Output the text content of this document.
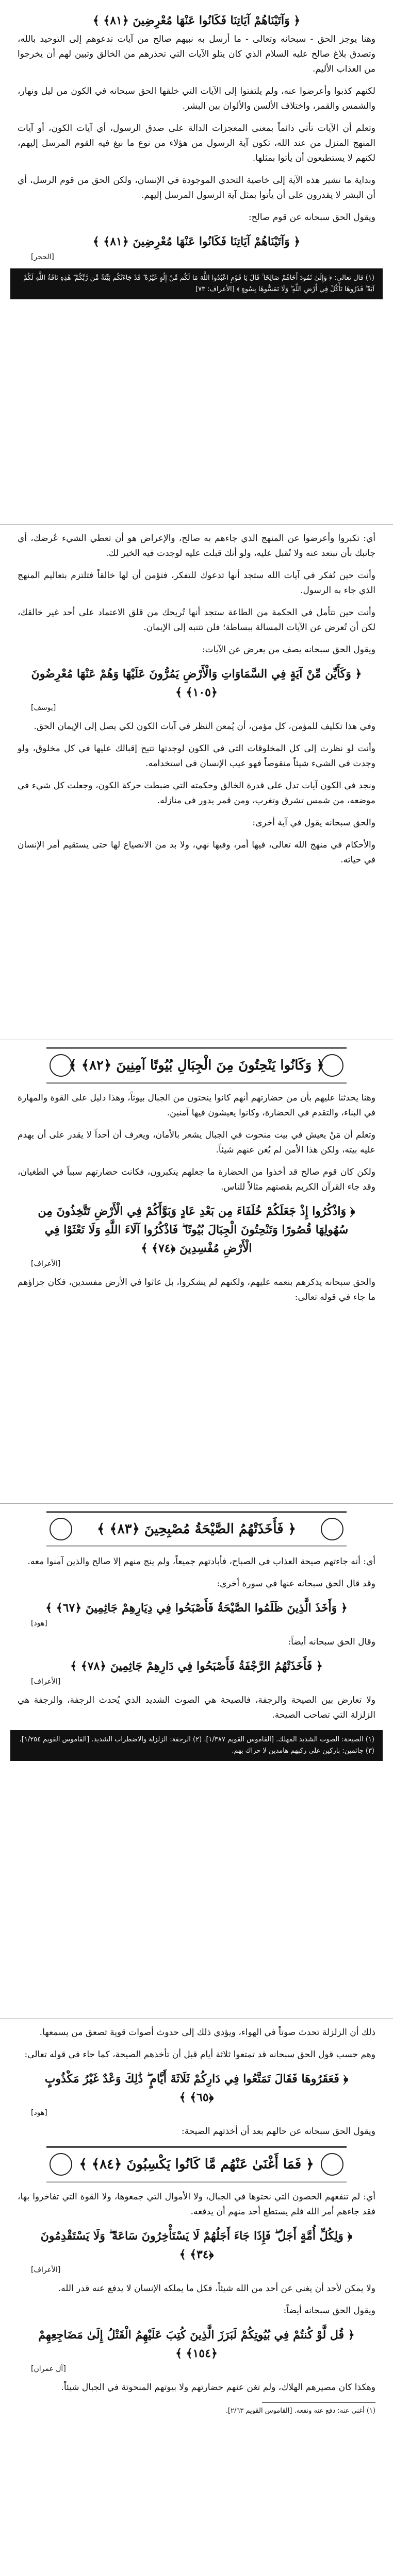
﴿ وَآتَيْنَاهُمْ آيَاتِنَا فَكَانُوا عَنْهَا مُعْرِضِينَ ﴿٨١﴾ ﴾

وهنا يوجز الحق - سبحانه وتعالى - ما أرسل به نبيهم صالح من آيات تدعوهم إلى التوحيد بالله، وتصدق بلاغ صالح عليه السلام الذي كان يتلو الآيات التي تحذرهم من الخالق وتبين لهم أن يخرجوا من العذاب الأليم.

لكنهم كذبوا وأعرضوا عنه، ولم يلتفتوا إلى الآيات التي خلقها الحق سبحانه في الكون من ليل ونهار، والشمس والقمر، واختلاف الألسن والألوان بين البشر.

وتعلم أن الآيات تأتي دائماً بمعنى المعجزات الدالة على صدق الرسول، أي آيات الكون، أو آيات المنهج المنزل من عند الله، تكون آية الرسول من هؤلاء من نوع ما نبغ فيه القوم المرسل إليهم، لكنهم لا يستطيعون أن يأتوا بمثلها.

وبداية ما تشير هذه الآية إلى خاصية التحدي الموجودة في الإنسان، ولكن الحق من قوم الرسل، أي أن البشر لا يقدرون على أن يأتوا بمثل آية الرسول المرسل إليهم.

ويقول الحق سبحانه عن قوم صالح:

﴿ وَآتَيْنَاهُمْ آيَاتِنَا فَكَانُوا عَنْهَا مُعْرِضِينَ ﴿٨١﴾ ﴾
[الحجر]
(١) قال تعالى: ﴿ وَإِلَىٰ ثَمُودَ أَخَاهُمْ صَالِحًا ۚ قَالَ يَا قَوْمِ اعْبُدُوا اللَّهَ مَا لَكُم مِّنْ إِلَٰهٍ غَيْرُهُ ۖ قَدْ جَاءَتْكُم بَيِّنَةٌ مِّن رَّبِّكُمْ ۖ هَٰذِهِ نَاقَةُ اللَّهِ لَكُمْ آيَةً ۖ فَذَرُوهَا تَأْكُلْ فِي أَرْضِ اللَّهِ ۖ وَلَا تَمَسُّوهَا بِسُوءٍ ﴾ [الأعراف: ٧٣]

أي: تكبروا وأعرضوا عن المنهج الذي جاءهم به صالح، والإعراض هو أن تعطي الشيء عُرضك، أي جانبك بأن تبتعد عنه ولا تُقبل عليه، ولو أنك قبلت عليه لوجدت فيه الخير لك.

وأنت حين تُفكر في آيات الله ستجد أنها تدعوك للتفكر، فتؤمن أن لها خالقاً فتلتزم بتعاليم المنهج الذي جاء به الرسول.

وأنت حين تتأمل في الحكمة من الطاعة ستجد أنها تُريحك من قلق الاعتماد على أحد غير خالقك، لكن أن تُعرض عن الآيات المسالة ببساطة؛ فلن تتنبه إلى الإيمان.

ويقول الحق سبحانه يصف من يعرض عن الآيات:

﴿ وَكَأَيِّن مِّنْ آيَةٍ فِي السَّمَاوَاتِ وَالْأَرْضِ يَمُرُّونَ عَلَيْهَا وَهُمْ عَنْهَا مُعْرِضُونَ ﴿١٠٥﴾ ﴾
[يوسف]

وفي هذا تكليف للمؤمن، كل مؤمن، أن يُمعن النظر في آيات الكون لكي يصل إلى الإيمان الحق.

وأنت لو نظرت إلى كل المخلوقات التي في الكون لوجدتها تتيح إقبالك عليها في كل مخلوق، ولو وجدت في الشيء شيئاً منقوصاً فهو عيب الإنسان في استخدامه.

ونجد في الكون آيات تدل على قدرة الخالق وحكمته التي ضبطت حركة الكون، وجعلت كل شيء في موضعه، من شمس تشرق وتغرب، ومن قمر يدور في منازله.

والحق سبحانه يقول في آية أخرى:

والأحكام في منهج الله تعالى، فيها أمر، وفيها نهي، ولا بد من الانصياع لها حتى يستقيم أمر الإنسان في حياته.

﴿ وَكَانُوا يَنْحِتُونَ مِنَ الْجِبَالِ بُيُوتًا آمِنِينَ ﴿٨٢﴾ ﴾

وهنا يحدثنا عليهم بأن من حضارتهم أنهم كانوا ينحتون من الجبال بيوتاً، وهذا دليل على القوة والمهارة في البناء، والتقدم في الحضارة، وكانوا يعيشون فيها آمنين.

وتعلم أن مَنْ يعيش في بيت منحوت في الجبال يشعر بالأمان، ويعرف أن أحداً لا يقدر على أن يهدم عليه بيته، ولكن هذا الأمن لم يُغن عنهم شيئاً.

ولكن كان قوم صالح قد أخذوا من الحضارة ما جعلهم يتكبرون، فكانت حضارتهم سبباً في الطغيان، وقد جاء القرآن الكريم بقصتهم مثالاً للناس.

﴿ وَاذْكُرُوا إِذْ جَعَلَكُمْ خُلَفَاءَ مِن بَعْدِ عَادٍ وَبَوَّأَكُمْ فِي الْأَرْضِ تَتَّخِذُونَ مِن سُهُولِهَا قُصُورًا وَتَنْحِتُونَ الْجِبَالَ بُيُوتًا ۖ فَاذْكُرُوا آلَاءَ اللَّهِ وَلَا تَعْثَوْا فِي الْأَرْضِ مُفْسِدِينَ ﴿٧٤﴾ ﴾
[الأعراف]

والحق سبحانه يذكرهم بنعمه عليهم، ولكنهم لم يشكروا، بل عاثوا في الأرض مفسدين، فكان جزاؤهم ما جاء في قوله تعالى:

﴿ فَأَخَذَتْهُمُ الصَّيْحَةُ مُصْبِحِينَ ﴿٨٣﴾ ﴾

أي: أنه جاءتهم صيحة العذاب في الصباح، فأبادتهم جميعاً، ولم ينج منهم إلا صالح والذين آمنوا معه.

وقد قال الحق سبحانه عنها في سورة أخرى:

﴿ وَأَخَذَ الَّذِينَ ظَلَمُوا الصَّيْحَةُ فَأَصْبَحُوا فِي دِيَارِهِمْ جَاثِمِينَ ﴿٦٧﴾ ﴾
[هود]

وقال الحق سبحانه أيضاً:

﴿ فَأَخَذَتْهُمُ الرَّجْفَةُ فَأَصْبَحُوا فِي دَارِهِمْ جَاثِمِينَ ﴿٧٨﴾ ﴾
[الأعراف]

ولا تعارض بين الصيحة والرجفة، فالصيحة هي الصوت الشديد الذي يُحدث الرجفة، والرجفة هي الزلزلة التي تصاحب الصيحة.

(١) الصيحة: الصوت الشديد المهلك. [القاموس القويم ١/٣٨٧]. (٢) الرجفة: الزلزلة والاضطراب الشديد. [القاموس القويم ١/٢٥٤]. (٣) جاثمين: باركين على ركبهم هامدين لا حراك بهم.

ذلك أن الزلزلة تحدث صوتاً في الهواء، ويؤدي ذلك إلى حدوث أصوات قوية تصعق من يسمعها.

وهم حسب قول الحق سبحانه قد تمتعوا ثلاثة أيام قبل أن تأخذهم الصيحة، كما جاء في قوله تعالى:

﴿ فَعَقَرُوهَا فَقَالَ تَمَتَّعُوا فِي دَارِكُمْ ثَلَاثَةَ أَيَّامٍ ۖ ذَٰلِكَ وَعْدٌ غَيْرُ مَكْذُوبٍ ﴿٦٥﴾ ﴾
[هود]

ويقول الحق سبحانه عن حالهم بعد أن أخذتهم الصيحة:

﴿ فَمَا أَغْنَىٰ عَنْهُم مَّا كَانُوا يَكْسِبُونَ ﴿٨٤﴾ ﴾

أي: لم تنفعهم الحصون التي نحتوها في الجبال، ولا الأموال التي جمعوها، ولا القوة التي تفاخروا بها، فقد جاءهم أمر الله فلم يستطع أحد منهم أن يدفعه.

﴿ وَلِكُلِّ أُمَّةٍ أَجَلٌ ۖ فَإِذَا جَاءَ أَجَلُهُمْ لَا يَسْتَأْخِرُونَ سَاعَةً ۖ وَلَا يَسْتَقْدِمُونَ ﴿٣٤﴾ ﴾
[الأعراف]

ولا يمكن لأحد أن يغني عن أحد من الله شيئاً، فكل ما يملكه الإنسان لا يدفع عنه قدر الله.

ويقول الحق سبحانه أيضاً:

﴿ قُل لَّوْ كُنتُمْ فِي بُيُوتِكُمْ لَبَرَزَ الَّذِينَ كُتِبَ عَلَيْهِمُ الْقَتْلُ إِلَىٰ مَضَاجِعِهِمْ ﴿١٥٤﴾ ﴾
[آل عمران]

وهكذا كان مصيرهم الهلاك، ولم تغن عنهم حضارتهم ولا بيوتهم المنحوتة في الجبال شيئاً.

(١) أغنى عنه: دفع عنه ونفعه. [القاموس القويم ٢/٦٣].
